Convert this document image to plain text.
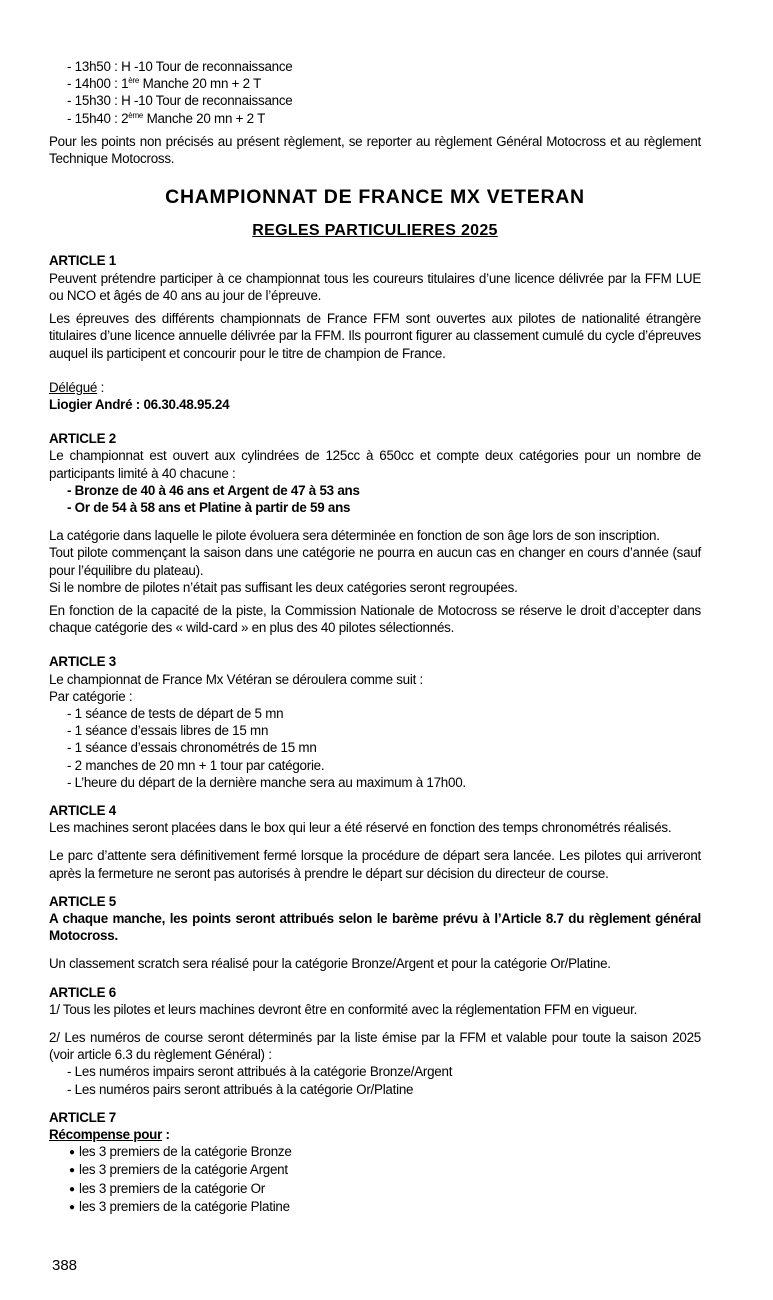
- 13h50 : H -10 Tour de reconnaissance

- 14h00 : 1ère Manche 20 mn + 2 T

- 15h30 : H -10 Tour de reconnaissance

- 15h40 : 2ème Manche 20 mn + 2 T

Pour les points non précisés au présent règlement, se reporter au règlement Général Motocross et au règlement Technique Motocross.

CHAMPIONNAT DE FRANCE MX VETERAN
REGLES PARTICULIERES 2025

ARTICLE 1

Peuvent prétendre participer à ce championnat tous les coureurs titulaires d’une licence délivrée par la FFM LUE ou NCO et âgés de 40 ans au jour de l’épreuve.

Les épreuves des différents championnats de France FFM sont ouvertes aux pilotes de nationalité étrangère titulaires d’une licence annuelle délivrée par la FFM. Ils pourront figurer au classement cumulé du cycle d’épreuves auquel ils participent et concourir pour le titre de champion de France.

Délégué :

Liogier André : 06.30.48.95.24

ARTICLE 2

Le championnat est ouvert aux cylindrées de 125cc à 650cc et compte deux catégories pour un nombre de participants limité à 40 chacune :

- Bronze de 40 à 46 ans et Argent de 47 à 53 ans

- Or de 54 à 58 ans et Platine à partir de 59 ans

La catégorie dans laquelle le pilote évoluera sera déterminée en fonction de son âge lors de son inscription.

Tout pilote commençant la saison dans une catégorie ne pourra en aucun cas en changer en cours d’année (sauf pour l’équilibre du plateau).

Si le nombre de pilotes n’était pas suffisant les deux catégories seront regroupées.

En fonction de la capacité de la piste, la Commission Nationale de Motocross se réserve le droit d’accepter dans chaque catégorie des « wild-card » en plus des 40 pilotes sélectionnés.

ARTICLE 3

Le championnat de France Mx Vétéran se déroulera comme suit :

Par catégorie :

- 1 séance de tests de départ de 5 mn

- 1 séance d’essais libres de 15 mn

- 1 séance d’essais chronométrés de 15 mn

- 2 manches de 20 mn + 1 tour par catégorie.

- L’heure du départ de la dernière manche sera au maximum à 17h00.

ARTICLE 4

Les machines seront placées dans le box qui leur a été réservé en fonction des temps chronométrés réalisés.

Le parc d’attente sera définitivement fermé lorsque la procédure de départ sera lancée. Les pilotes qui arriveront après la fermeture ne seront pas autorisés à prendre le départ sur décision du directeur de course.

ARTICLE 5

A chaque manche, les points seront attribués selon le barème prévu à l’Article 8.7 du règlement général Motocross.

Un classement scratch sera réalisé pour la catégorie Bronze/Argent et pour la catégorie Or/Platine.

ARTICLE 6

1/ Tous les pilotes et leurs machines devront être en conformité avec la réglementation FFM en vigueur.

2/ Les numéros de course seront déterminés par la liste émise par la FFM et valable pour toute la saison 2025 (voir article 6.3 du règlement Général) :

- Les numéros impairs seront attribués à la catégorie Bronze/Argent

- Les numéros pairs seront attribués à la catégorie Or/Platine

ARTICLE 7

Récompense pour :

● les 3 premiers de la catégorie Bronze

● les 3 premiers de la catégorie Argent

● les 3 premiers de la catégorie Or

● les 3 premiers de la catégorie Platine

388
